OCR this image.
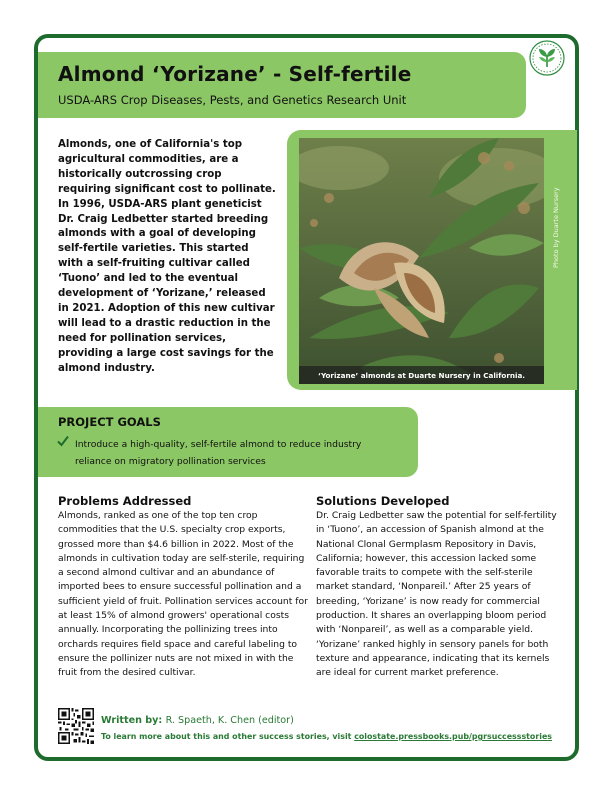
Almond ‘Yorizane’ - Self-fertile
USDA-ARS Crop Diseases, Pests, and Genetics Research Unit

Almonds, one of California's top agricultural commodities, are a historically outcrossing crop requiring significant cost to pollinate. In 1996, USDA-ARS plant geneticist Dr. Craig Ledbetter started breeding almonds with a goal of developing self-fertile varieties. This started with a self-fruiting cultivar called ‘Tuono’ and led to the eventual development of ‘Yorizane,’ released in 2021. Adoption of this new cultivar will lead to a drastic reduction in the need for pollination services, providing a large cost savings for the almond industry.

‘Yorizane’ almonds at Duarte Nursery in California.
Photo by Duarte Nursery
PROJECT GOALS
Introduce a high-quality, self-fertile almond to reduce industry reliance on migratory pollination services
Problems Addressed

Almonds, ranked as one of the top ten crop commodities that the U.S. specialty crop exports, grossed more than $4.6 billion in 2022. Most of the almonds in cultivation today are self-sterile, requiring a second almond cultivar and an abundance of imported bees to ensure successful pollination and a sufficient yield of fruit. Pollination services account for at least 15% of almond growers' operational costs annually. Incorporating the pollinizing trees into orchards requires field space and careful labeling to ensure the pollinizer nuts are not mixed in with the fruit from the desired cultivar.

Solutions Developed

Dr. Craig Ledbetter saw the potential for self-fertility in ‘Tuono’, an accession of Spanish almond at the National Clonal Germplasm Repository in Davis, California; however, this accession lacked some favorable traits to compete with the self-sterile market standard, ‘Nonpareil.’ After 25 years of breeding, ‘Yorizane’ is now ready for commercial production. It shares an overlapping bloom period with ‘Nonpareil’, as well as a comparable yield. ‘Yorizane’ ranked highly in sensory panels for both texture and appearance, indicating that its kernels are ideal for current market preference.

Written by: R. Spaeth, K. Chen (editor)
To learn more about this and other success stories, visit colostate.pressbooks.pub/pgrsuccessstories
